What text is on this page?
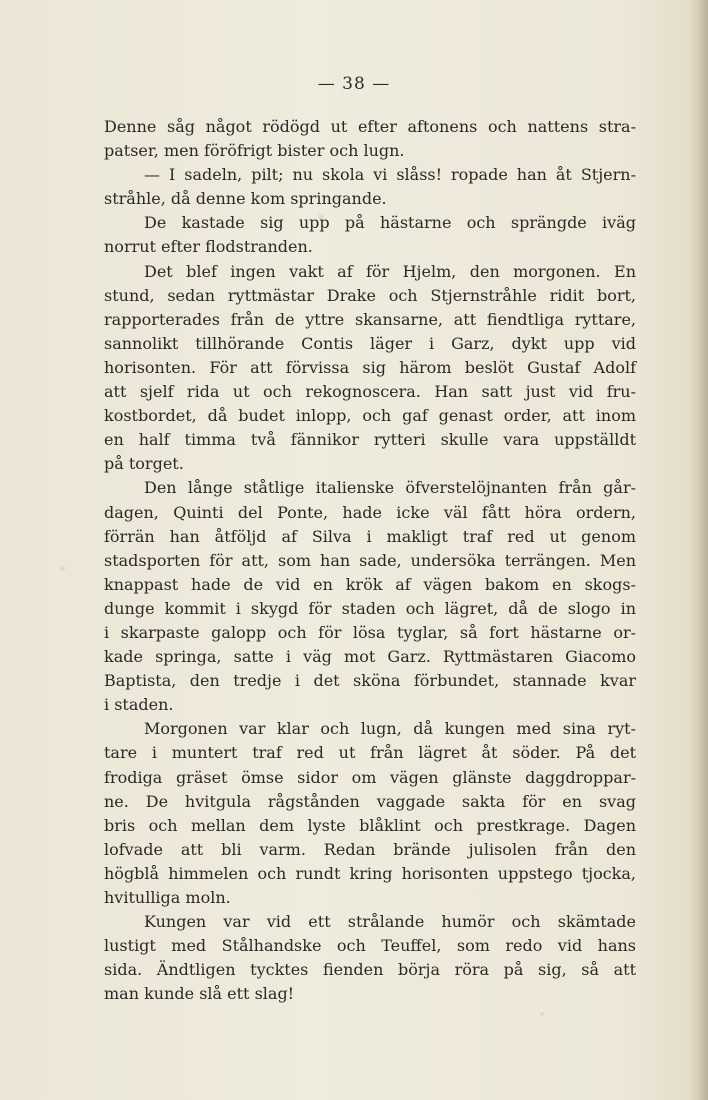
— 38 —
Denne såg något rödögd ut efter aftonens och nattens stra-
patser, men föröfrigt bister och lugn.
— I sadeln, pilt; nu skola vi slåss! ropade han åt Stjern-
stråhle, då denne kom springande.
De kastade sig upp på hästarne och sprängde iväg
norrut efter flodstranden.
Det blef ingen vakt af för Hjelm, den morgonen. En
stund, sedan ryttmästar Drake och Stjernstråhle ridit bort,
rapporterades från de yttre skansarne, att fiendtliga ryttare,
sannolikt tillhörande Contis läger i Garz, dykt upp vid
horisonten. För att förvissa sig härom beslöt Gustaf Adolf
att sjelf rida ut och rekognoscera. Han satt just vid fru-
kostbordet, då budet inlopp, och gaf genast order, att inom
en half timma två fännikor rytteri skulle vara uppställdt
på torget.
Den långe ståtlige italienske öfverstelöjnanten från går-
dagen, Quinti del Ponte, hade icke väl fått höra ordern,
förrän han åtföljd af Silva i makligt traf red ut genom
stadsporten för att, som han sade, undersöka terrängen. Men
knappast hade de vid en krök af vägen bakom en skogs-
dunge kommit i skygd för staden och lägret, då de slogo in
i skarpaste galopp och för lösa tyglar, så fort hästarne or-
kade springa, satte i väg mot Garz. Ryttmästaren Giacomo
Baptista, den tredje i det sköna förbundet, stannade kvar
i staden.
Morgonen var klar och lugn, då kungen med sina ryt-
tare i muntert traf red ut från lägret åt söder. På det
frodiga gräset ömse sidor om vägen glänste daggdroppar-
ne. De hvitgula rågstånden vaggade sakta för en svag
bris och mellan dem lyste blåklint och prestkrage. Dagen
lofvade att bli varm. Redan brände julisolen från den
högblå himmelen och rundt kring horisonten uppstego tjocka,
hvitulliga moln.
Kungen var vid ett strålande humör och skämtade
lustigt med Stålhandske och Teuffel, som redo vid hans
sida. Ändtligen tycktes fienden börja röra på sig, så att
man kunde slå ett slag!
